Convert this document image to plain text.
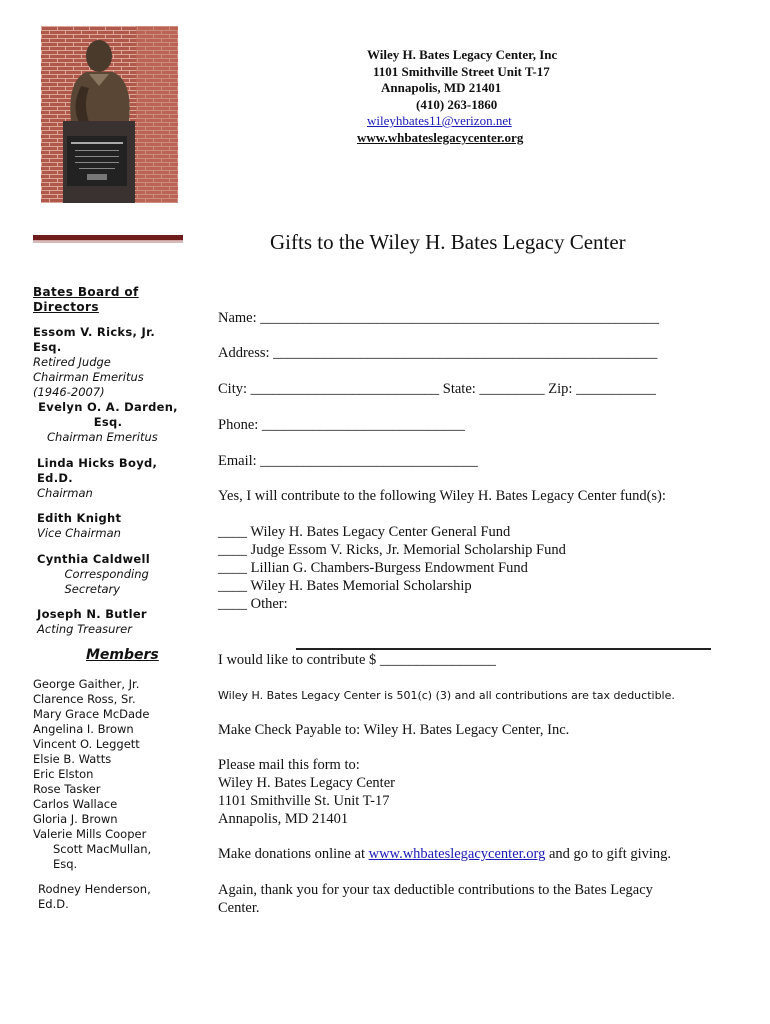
Wiley H. Bates Legacy Center, Inc
1101 Smithville Street Unit T-17
Annapolis, MD 21401
(410) 263-1860
wileyhbates11@verizon.net
www.whbateslegacycenter.org
Gifts to the Wiley H. Bates Legacy Center
Bates Board of Directors
Essom V. Ricks, Jr. Esq.
Retired Judge
Chairman Emeritus
(1946-2007)
Evelyn O. A. Darden, Esq.
Chairman Emeritus
Linda Hicks Boyd, Ed.D.
Chairman
Edith Knight
Vice Chairman
Cynthia Caldwell
Corresponding Secretary
Joseph N. Butler
Acting Treasurer
Members
George Gaither, Jr.
Clarence Ross, Sr.
Mary Grace McDade
Angelina I. Brown
Vincent O. Leggett
Elsie B. Watts
Eric Elston
Rose Tasker
Carlos Wallace
Gloria J. Brown
Valerie Mills Cooper
Scott MacMullan, Esq.
Rodney Henderson, Ed.D.
Name: _______________________________________________________
Address: _____________________________________________________
City: __________________________ State: _________ Zip: ___________
Phone: ____________________________
Email: ______________________________
Yes, I will contribute to the following Wiley H. Bates Legacy Center fund(s):
____ Wiley H. Bates Legacy Center General Fund
____ Judge Essom V. Ricks, Jr. Memorial Scholarship Fund
____ Lillian G. Chambers-Burgess Endowment Fund
____ Wiley H. Bates Memorial Scholarship
____ Other:
I would like to contribute $ ________________
Wiley H. Bates Legacy Center is 501(c) (3) and all contributions are tax deductible.
Make Check Payable to: Wiley H. Bates Legacy Center, Inc.
Please mail this form to:
Wiley H. Bates Legacy Center
1101 Smithville St. Unit T-17
Annapolis, MD 21401
Make donations online at www.whbateslegacycenter.org and go to gift giving.
Again, thank you for your tax deductible contributions to the Bates Legacy
Center.
